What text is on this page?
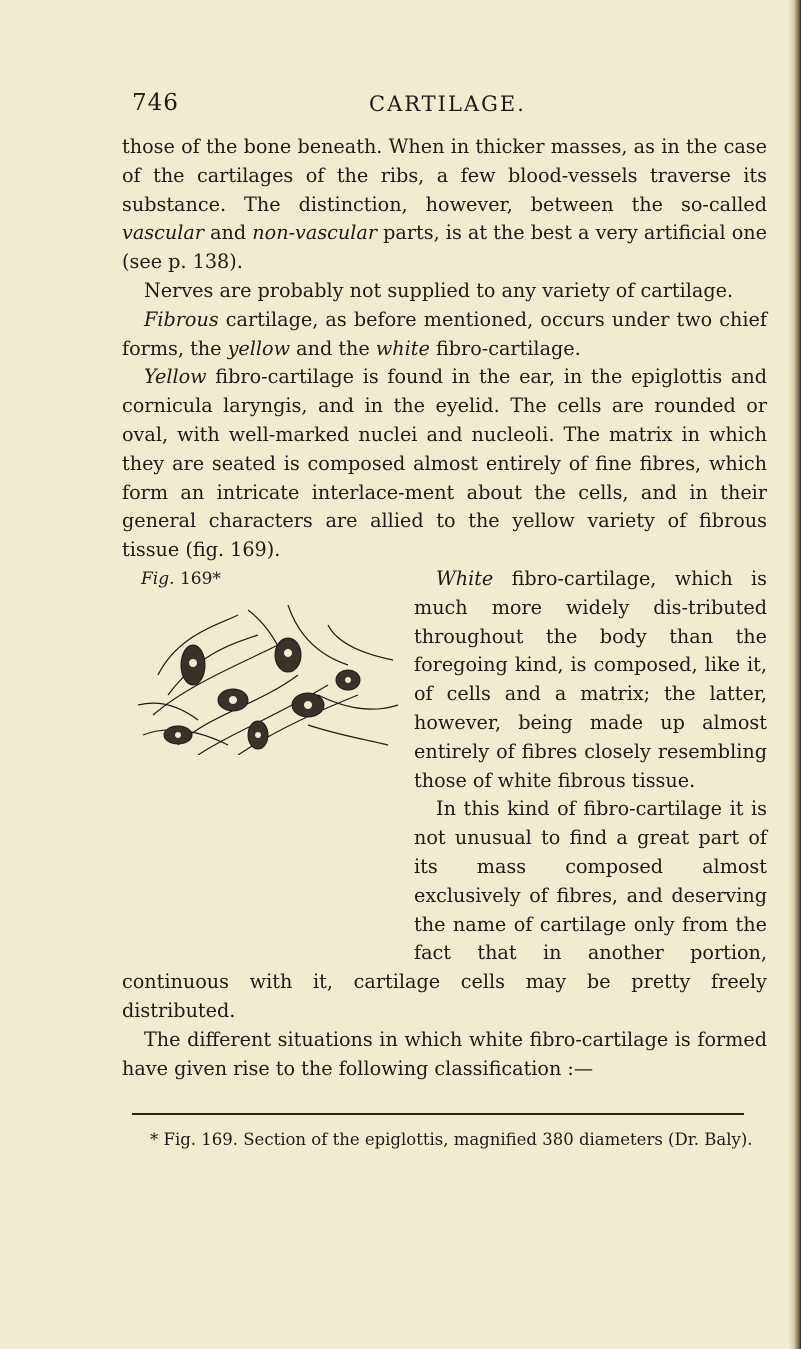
746	CARTILAGE.

those of the bone beneath. When in thicker masses, as in the case of the cartilages of the ribs, a few blood-vessels traverse its substance. The distinction, however, between the so-called vascular and non-vascular parts, is at the best a very artificial one (see p. 138).

Nerves are probably not supplied to any variety of cartilage.

Fibrous cartilage, as before mentioned, occurs under two chief forms, the yellow and the white fibro-cartilage.

Yellow fibro-cartilage is found in the ear, in the epiglottis and cornicula laryngis, and in the eyelid. The cells are rounded or oval, with well-marked nuclei and nucleoli. The matrix in which they are seated is composed almost entirely of fine fibres, which form an intricate interlace-ment about the cells, and in their general characters are allied to the yellow variety of fibrous tissue (fig. 169).

Fig. 169*	White fibro-cartilage, which is much more widely dis-tributed throughout the body than the foregoing kind, is composed, like it, of cells and a matrix; the latter, however, being made up almost entirely of fibres closely resembling those of white fibrous tissue.

In this kind of fibro-cartilage it is not unusual to find a great part of its mass composed almost exclusively of fibres, and deserving the name of cartilage only from the fact that in another portion, continuous with it, cartilage cells may be pretty freely distributed.

The different situations in which white fibro-cartilage is formed have given rise to the following classification :—

* Fig. 169. Section of the epiglottis, magnified 380 diameters (Dr. Baly).
